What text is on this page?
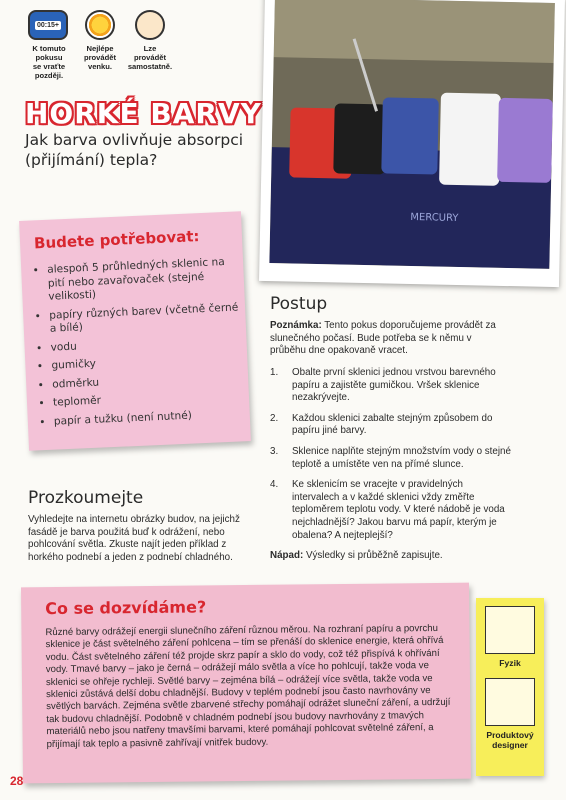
00:15+
K tomuto
pokusu
se vraťte
později.
Nejlépe
provádět
venku.
Lze
provádět
samostatně.
HORKÉ BARVY
Jak barva ovlivňuje absorpci (přijímání) tepla?
MERCURY
Budete potřebovat:
• alespoň 5 průhledných sklenic na pití nebo zavařovaček (stejné velikosti)
• papíry různých barev (včetně černé a bílé)
• vodu
• gumičky
• odměrku
• teploměr
• papír a tužku (není nutné)
Postup
Poznámka: Tento pokus doporučujeme provádět za slunečného počasí. Bude potřeba se k němu v průběhu dne opakovaně vracet.
1. Obalte první sklenici jednou vrstvou barevného papíru a zajistěte gumičkou. Vršek sklenice nezakrývejte.
2. Každou sklenici zabalte stejným způsobem do papíru jiné barvy.
3. Sklenice naplňte stejným množstvím vody o stejné teplotě a umístěte ven na přímé slunce.
4. Ke sklenicím se vracejte v pravidelných intervalech a v každé sklenici vždy změřte teploměrem teplotu vody. V které nádobě je voda nejchladnější? Jakou barvu má papír, kterým je obalena? A nejteplejší?
Nápad: Výsledky si průběžně zapisujte.
Prozkoumejte
Vyhledejte na internetu obrázky budov, na jejichž fasádě je barva použitá buď k odrážení, nebo pohlcování světla. Zkuste najít jeden příklad z horkého podnebí a jeden z podnebí chladného.
Co se dozvídáme?
Různé barvy odrážejí energii slunečního záření různou měrou. Na rozhraní papíru a povrchu sklenice je část světelného záření pohlcena – tím se přenáší do sklenice energie, která ohřívá vodu. Část světelného záření též projde skrz papír a sklo do vody, což též přispívá k ohřívání vody. Tmavé barvy – jako je černá – odrážejí málo světla a více ho pohlcují, takže voda ve sklenici se ohřeje rychleji. Světlé barvy – zejména bílá – odrážejí více světla, takže voda ve sklenici zůstává delší dobu chladnější. Budovy v teplém podnebí jsou často navrhovány ve světlých barvách. Zejména světle zbarvené střechy pomáhají odrážet sluneční záření, a udržují tak budovu chladnější. Podobně v chladném podnebí jsou budovy navrhovány z tmavých materiálů nebo jsou natřeny tmavšími barvami, které pomáhají pohlcovat světelné záření, a přijímají tak teplo a pasivně zahřívají vnitřek budovy.
Fyzik
Produktový designer
28
